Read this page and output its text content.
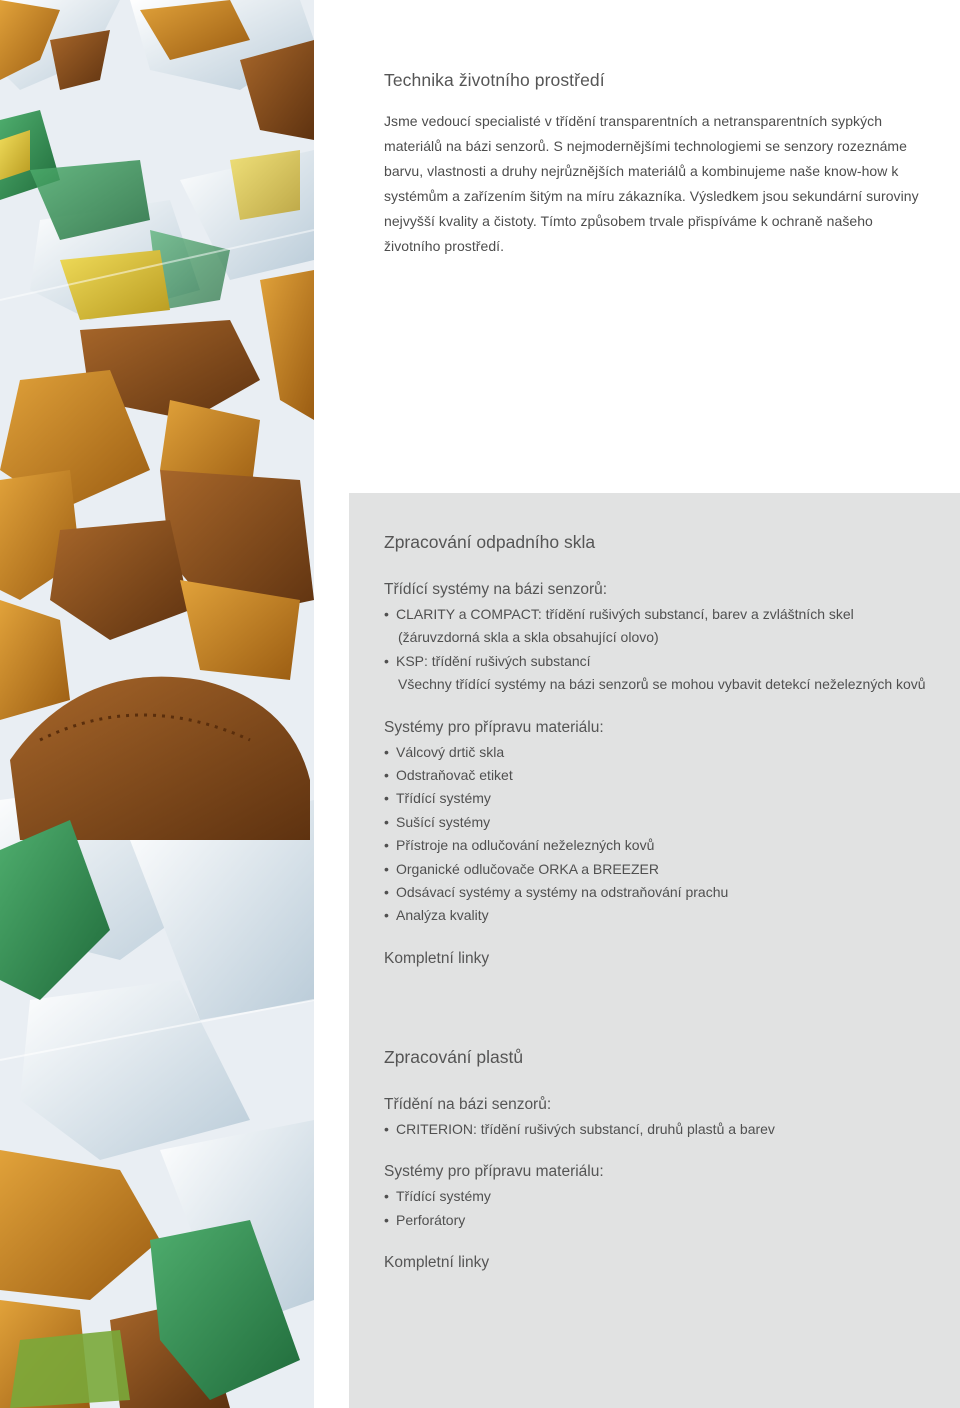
Technika životního prostředí

Jsme vedoucí specialisté v třídění transparentních a netransparentních sypkých
materiálů na bázi senzorů. S nejmodernějšími technologiemi se senzory rozeznáme
barvu, vlastnosti a druhy nejrůznějších materiálů a kombinujeme naše know-how k
systémům a zařízením šitým na míru zákazníka. Výsledkem jsou sekundární suroviny
nejvyšší kvality a čistoty. Tímto způsobem trvale přispíváme k ochraně našeho
životního prostředí.

Zpracování odpadního skla
Třídící systémy na bázi senzorů:
• CLARITY a COMPACT: třídění rušivých substancí, barev a zvláštních skel
(žáruvzdorná skla a skla obsahující olovo)
• KSP: třídění rušivých substancí
Všechny třídící systémy na bázi senzorů se mohou vybavit detekcí neželezných kovů
Systémy pro přípravu materiálu:
• Válcový drtič skla
• Odstraňovač etiket
• Třídící systémy
• Sušící systémy
• Přístroje na odlučování neželezných kovů
• Organické odlučovače ORKA a BREEZER
• Odsávací systémy a systémy na odstraňování prachu
• Analýza kvality

Kompletní linky

Zpracování plastů
Třídění na bázi senzorů:
• CRITERION: třídění rušivých substancí, druhů plastů a barev
Systémy pro přípravu materiálu:
• Třídící systémy
• Perforátory

Kompletní linky
